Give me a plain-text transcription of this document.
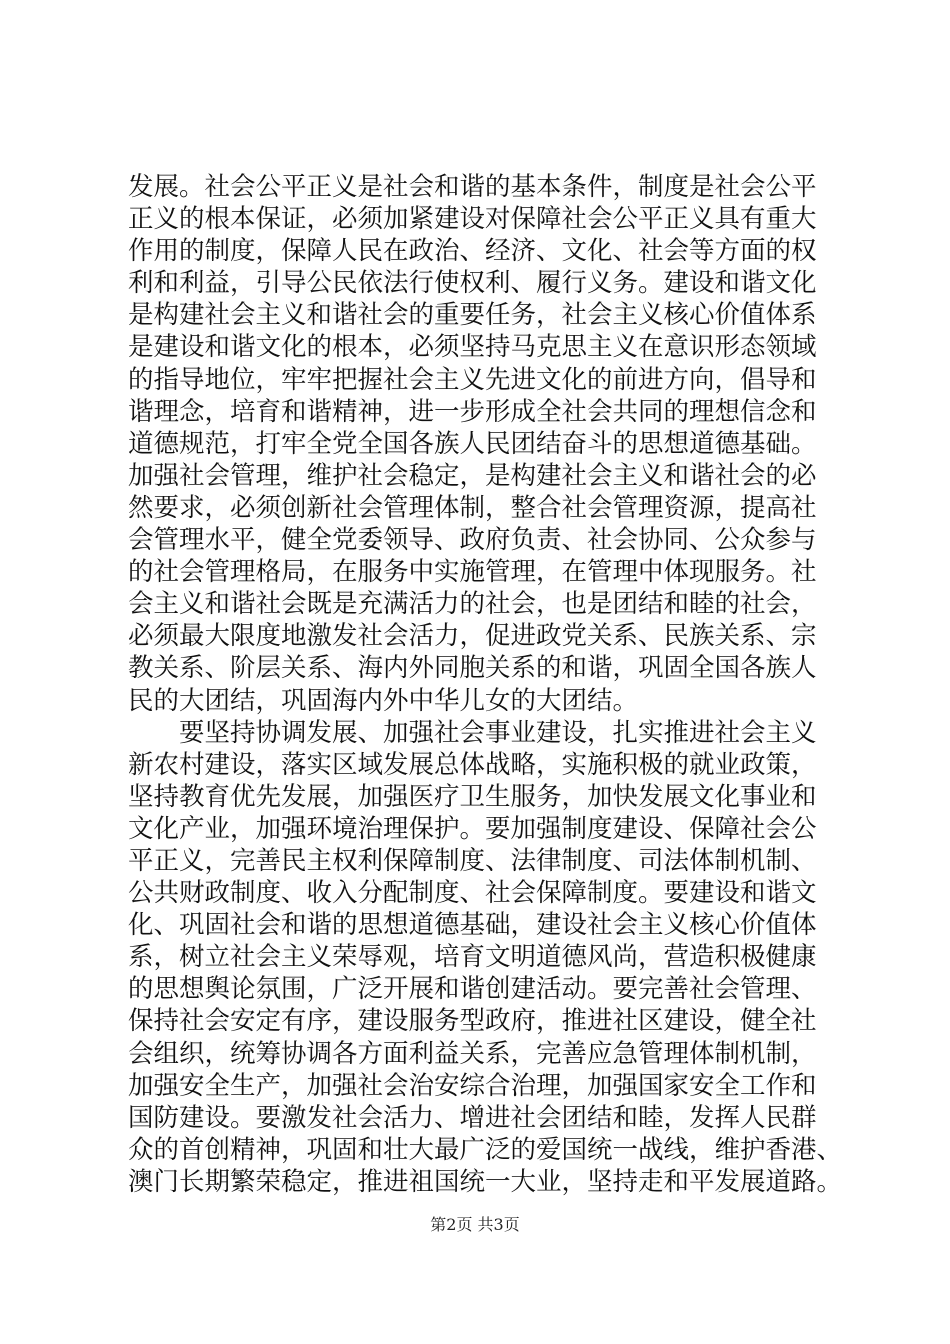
发展。社会公平正义是社会和谐的基本条件，制度是社会公平
正义的根本保证，必须加紧建设对保障社会公平正义具有重大
作用的制度，保障人民在政治、经济、文化、社会等方面的权
利和利益，引导公民依法行使权利、履行义务。建设和谐文化
是构建社会主义和谐社会的重要任务，社会主义核心价值体系
是建设和谐文化的根本，必须坚持马克思主义在意识形态领域
的指导地位，牢牢把握社会主义先进文化的前进方向，倡导和
谐理念，培育和谐精神，进一步形成全社会共同的理想信念和
道德规范，打牢全党全国各族人民团结奋斗的思想道德基础。
加强社会管理，维护社会稳定，是构建社会主义和谐社会的必
然要求，必须创新社会管理体制，整合社会管理资源，提高社
会管理水平，健全党委领导、政府负责、社会协同、公众参与
的社会管理格局，在服务中实施管理，在管理中体现服务。社
会主义和谐社会既是充满活力的社会，也是团结和睦的社会，
必须最大限度地激发社会活力，促进政党关系、民族关系、宗
教关系、阶层关系、海内外同胞关系的和谐，巩固全国各族人
民的大团结，巩固海内外中华儿女的大团结。
要坚持协调发展、加强社会事业建设，扎实推进社会主义
新农村建设，落实区域发展总体战略，实施积极的就业政策，
坚持教育优先发展，加强医疗卫生服务，加快发展文化事业和
文化产业，加强环境治理保护。要加强制度建设、保障社会公
平正义，完善民主权利保障制度、法律制度、司法体制机制、
公共财政制度、收入分配制度、社会保障制度。要建设和谐文
化、巩固社会和谐的思想道德基础，建设社会主义核心价值体
系，树立社会主义荣辱观，培育文明道德风尚，营造积极健康
的思想舆论氛围，广泛开展和谐创建活动。要完善社会管理、
保持社会安定有序，建设服务型政府，推进社区建设，健全社
会组织，统筹协调各方面利益关系，完善应急管理体制机制，
加强安全生产，加强社会治安综合治理，加强国家安全工作和
国防建设。要激发社会活力、增进社会团结和睦，发挥人民群
众的首创精神，巩固和壮大最广泛的爱国统一战线，维护香港、
澳门长期繁荣稳定，推进祖国统一大业，坚持走和平发展道路。
第2页 共3页
